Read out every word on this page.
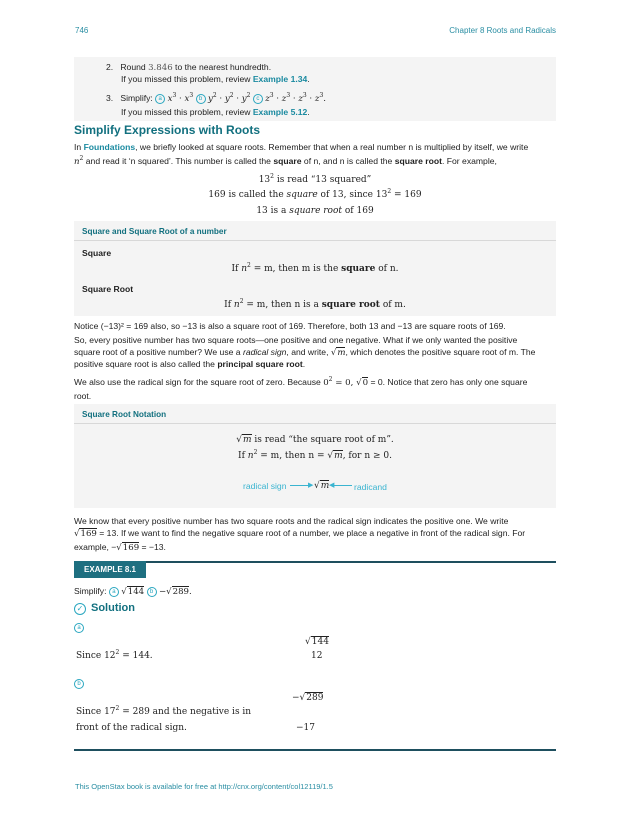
746	Chapter 8 Roots and Radicals
2. Round 3.846 to the nearest hundredth.
If you missed this problem, review Example 1.34.
3. Simplify: a $x^3 \cdot x^3$ b $y^2 \cdot y^2 \cdot y^2$ c $z^3 \cdot z^3 \cdot z^3 \cdot z^3$.
If you missed this problem, review Example 5.12.
Simplify Expressions with Roots
In Foundations, we briefly looked at square roots. Remember that when a real number n is multiplied by itself, we write
$n^2$ and read it ‘n squared’. This number is called the square of n, and n is called the square root. For example,
$13^2$ is read “13 squared”
169 is called the square of 13, since $13^2 = 169$
13 is a square root of 169
Square and Square Root of a number
Square
If $n^2 = m$, then m is the square of n.
Square Root
If $n^2 = m$, then n is a square root of m.
Notice (−13)² = 169 also, so −13 is also a square root of 169. Therefore, both 13 and −13 are square roots of 169.
So, every positive number has two square roots—one positive and one negative. What if we only wanted the positive
square root of a positive number? We use a radical sign, and write, √m, which denotes the positive square root of m. The
positive square root is also called the principal square root.
We also use the radical sign for the square root of zero. Because $0^2 = 0$, √0 = 0. Notice that zero has only one square
root.
Square Root Notation
√m is read “the square root of m”.
If $n^2 = m$, then n = √m, for n ≥ 0.
radical sign	▶ √m ◀ radicand
We know that every positive number has two square roots and the radical sign indicates the positive one. We write
√169 = 13. If we want to find the negative square root of a number, we place a negative in front of the radical sign. For
example, −√169 = −13.
EXAMPLE 8.1
Simplify: a √144 b −√289.
✓ Solution
a
√144
Since $12^2 = 144$.	12
b
−√289
Since $17^2 = 289$ and the negative is in
front of the radical sign.	−17
This OpenStax book is available for free at http://cnx.org/content/col12119/1.5
